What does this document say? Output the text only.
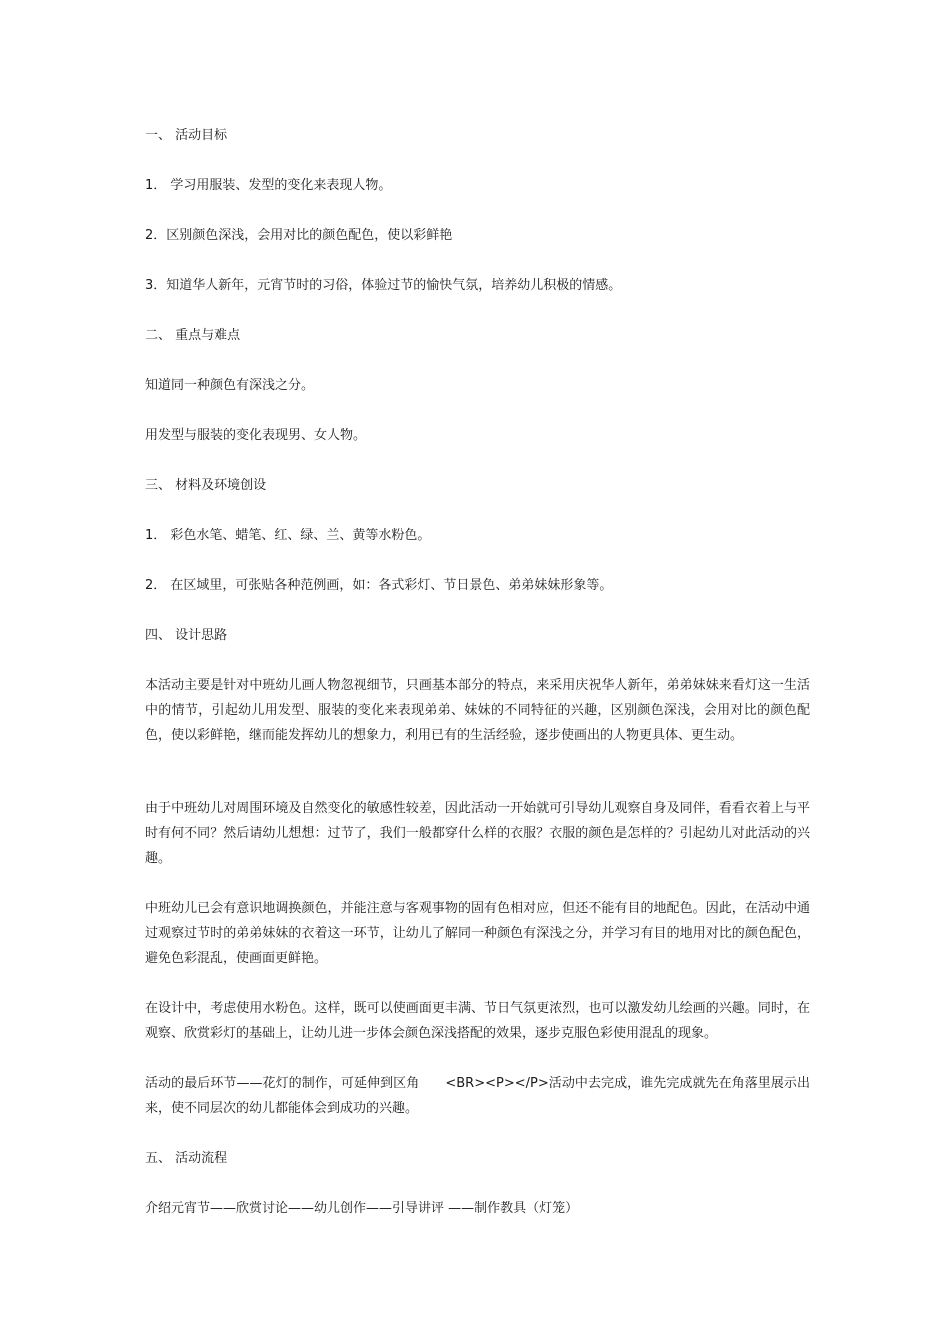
一、 活动目标

1． 学习用服装、发型的变化来表现人物。

2．区别颜色深浅，会用对比的颜色配色，使以彩鲜艳

3．知道华人新年，元宵节时的习俗，体验过节的愉快气氛，培养幼儿积极的情感。

二、 重点与难点

知道同一种颜色有深浅之分。

用发型与服装的变化表现男、女人物。

三、 材料及环境创设

1． 彩色水笔、蜡笔、红、绿、兰、黄等水粉色。

2． 在区域里，可张贴各种范例画，如：各式彩灯、节日景色、弟弟妹妹形象等。

四、 设计思路

本活动主要是针对中班幼儿画人物忽视细节，只画基本部分的特点，来采用庆祝华人新年，弟弟妹妹来看灯这一生活中的情节，引起幼儿用发型、服装的变化来表现弟弟、妹妹的不同特征的兴趣，区别颜色深浅，会用对比的颜色配色，使以彩鲜艳，继而能发挥幼儿的想象力，利用已有的生活经验，逐步使画出的人物更具体、更生动。

由于中班幼儿对周围环境及自然变化的敏感性较差，因此活动一开始就可引导幼儿观察自身及同伴，看看衣着上与平时有何不同？然后请幼儿想想：过节了，我们一般都穿什么样的衣服？衣服的颜色是怎样的？引起幼儿对此活动的兴趣。

中班幼儿已会有意识地调换颜色，并能注意与客观事物的固有色相对应，但还不能有目的地配色。因此，在活动中通过观察过节时的弟弟妹妹的衣着这一环节，让幼儿了解同一种颜色有深浅之分，并学习有目的地用对比的颜色配色，避免色彩混乱，使画面更鲜艳。

在设计中，考虑使用水粉色。这样，既可以使画面更丰满、节日气氛更浓烈，也可以激发幼儿绘画的兴趣。同时，在观察、欣赏彩灯的基础上，让幼儿进一步体会颜色深浅搭配的效果，逐步克服色彩使用混乱的现象。

活动的最后环节——花灯的制作，可延伸到区角　　<BR><P></P>活动中去完成，谁先完成就先在角落里展示出来，使不同层次的幼儿都能体会到成功的兴趣。

五、 活动流程

介绍元宵节——欣赏讨论——幼儿创作——引导讲评 ——制作教具（灯笼）
